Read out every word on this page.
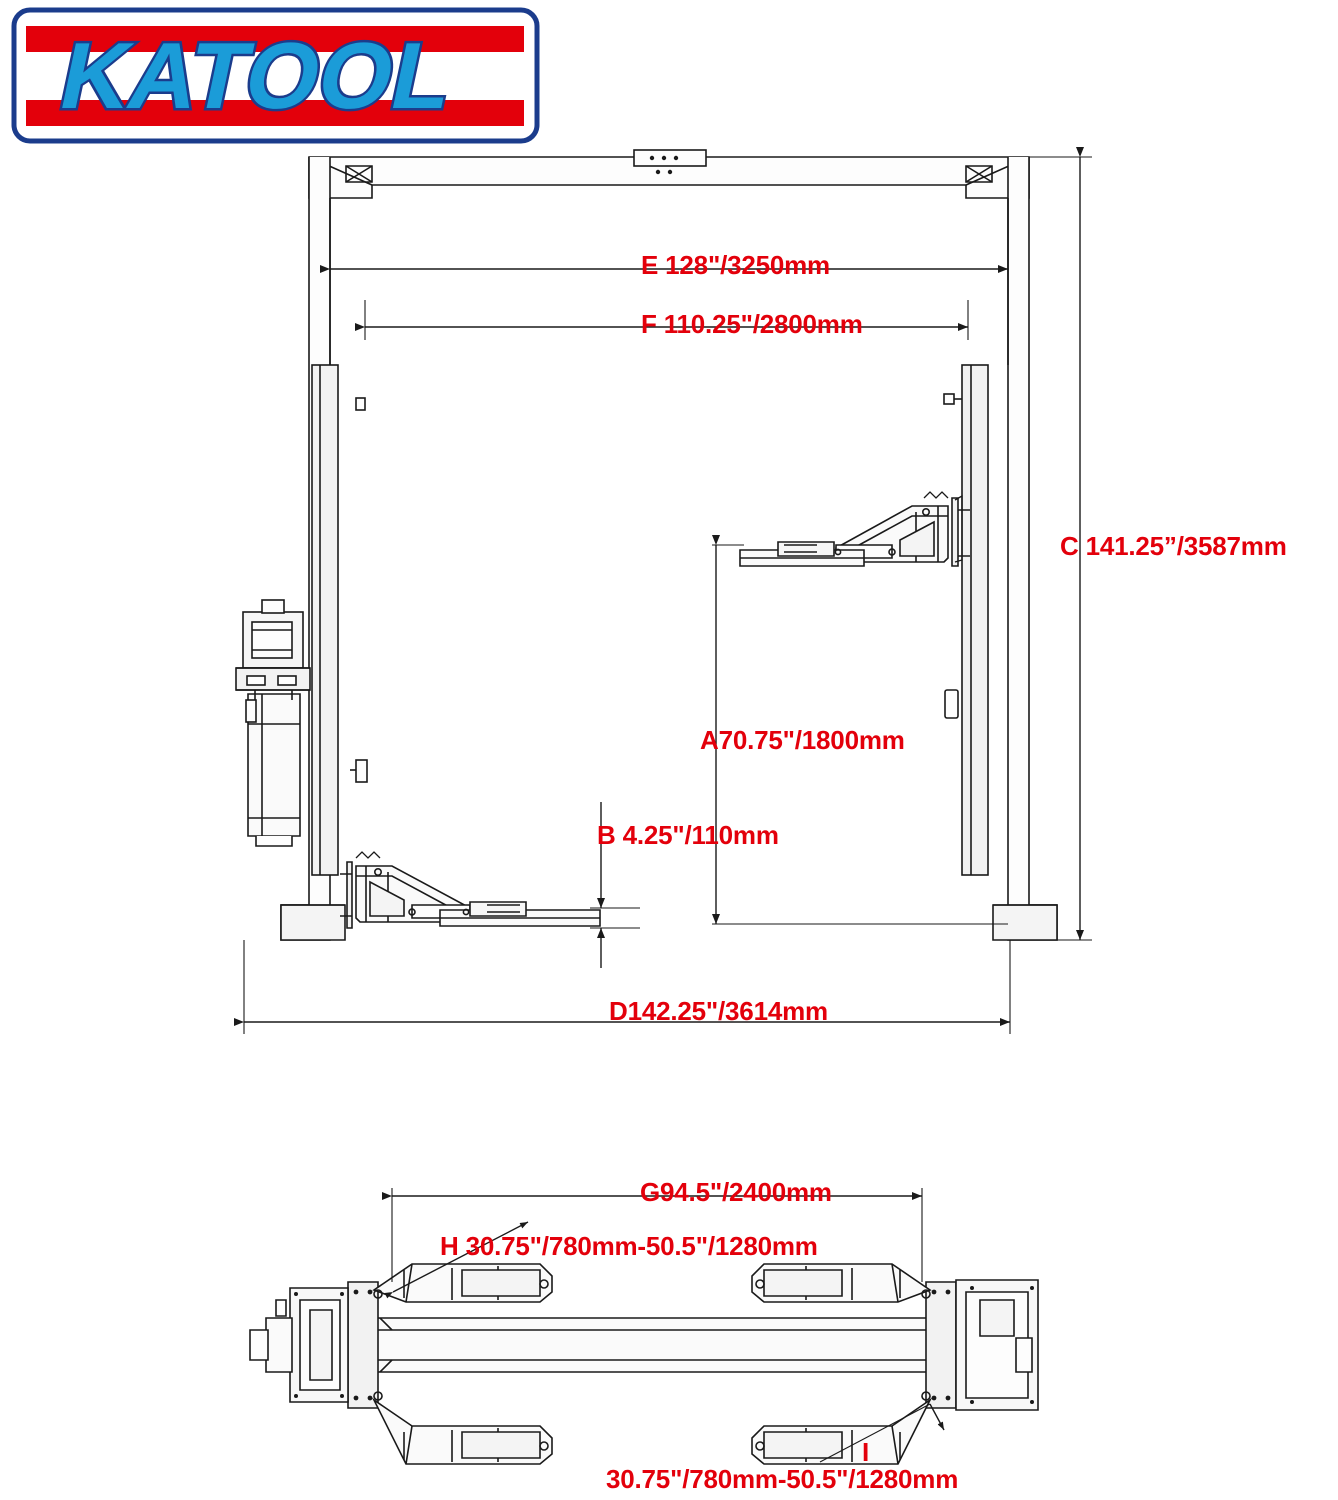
KATOOL
E 128"/3250mm
F 110.25"/2800mm
C 141.25”/3587mm
A70.75"/1800mm
B 4.25"/110mm
D142.25"/3614mm
G94.5"/2400mm
H 30.75"/780mm-50.5"/1280mm
I
30.75"/780mm-50.5"/1280mm
